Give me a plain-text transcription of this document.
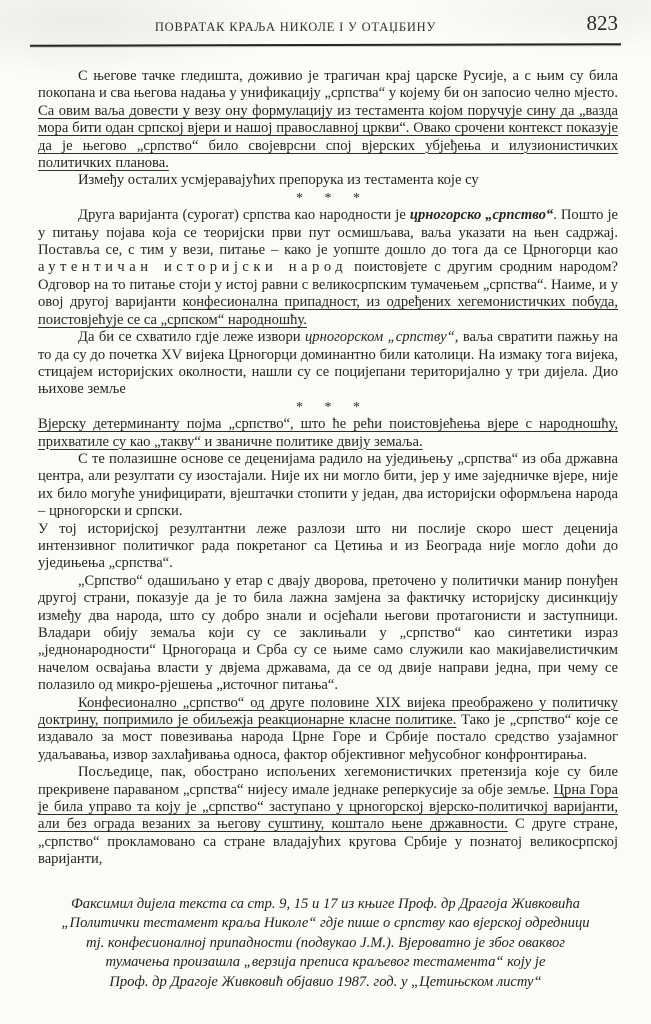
ПОВРАТАК КРАЉА НИКОЛЕ I У ОТАЏБИНУ	823

С његове тачке гледишта, доживио је трагичан крај царске Русије, а с њим су била покопана и сва његова надања у унификацију „српства“ у којему би он запосио челно мјесто. Са овим ваља довести у везу ону формулацију из тестамента којом поручује сину да „вазда мора бити одан српској вјери и нашој православној цркви“. Овако срочени контекст показује да је његово „српство“ било својеврсни спој вјерских убјеђења и илузионистичких политичких планова.

Између осталих усмјеравајућих препорука из тестамента које су

* * *

Друга варијанта (сурогат) српства као народности је црногорско „српство“. Пошто је у питању појава која се теоријски први пут осмишљава, ваља указати на њен садржај. Поставља се, с тим у вези, питање – како је уопште дошло до тога да се Црногорци као аутентичан историјски народ поистовјете с другим сродним народом? Одговор на то питање стоји у истој равни с великосрпским тумачењем „српства“. Наиме, и у овој другој варијанти конфесионална припадност, из одређених хегемонистичких побуда, поистовјећује се са „српском“ народношћу.

Да би се схватило гдје леже извори црногорском „српству“, ваља свратити пажњу на то да су до почетка XV вијека Црногорци доминантно били католици. На измаку тога вијека, стицајем историјских околности, нашли су се поцијепани територијално у три дијела. Дио њихове земље

* * *

Вјерску детерминанту појма „српство“, што ће рећи поистовјећења вјере с народношћу, прихватиле су као „такву“ и званичне политике двију земаља.

С те полазишне основе се деценијама радило на уједињењу „српства“ из оба државна центра, али резултати су изостајали. Није их ни могло бити, јер у име заједничке вјере, није их било могуће унифицирати, вјештачки стопити у један, два историјски оформљена народа – црногорски и српски.

У тој историјској резултантни леже разлози што ни послије скоро шест деценија интензивног политичког рада покретаног са Цетиња и из Београда није могло доћи до уједињења „српства“.

„Српство“ одашиљано у етар с двају дворова, преточено у политички манир понуђен другој страни, показује да је то била лажна замјена за фактичку историјску дисинкцију између два народа, што су добро знали и осјећали његови протагонисти и заступници. Владари обију земаља који су се заклињали у „српство“ као синтетики израз „једнонародности“ Црногораца и Срба су се њиме само служили као макијавелистичким начелом освајања власти у двјема државама, да се од двије направи једна, при чему се полазило од микро-рјешења „источног питања“.

Конфесионално „српство“ од друге половине XIX вијека преображено у политичку доктрину, попримило је обиљежја реакционарне класне политике. Тако је „српство“ које се издавало за мост повезивања народа Црне Горе и Србије постало средство узајамног удаљавања, извор захлађивања односа, фактор објективног међусобног конфронтирања.

Посљедице, пак, обострано испољених хегемонистичких претензија које су биле прекривене параваном „српства“ нијесу имале једнаке реперкусије за обје земље. Црна Гора је била управо та коју је „српство“ заступано у црногорској вјерско-политичкој варијанти, али без ограда везаних за његову суштину, коштало њене државности. С друге стране, „српство“ прокламовано са стране владајућих кругова Србије у познатој великосрпској варијанти,

Факсимил дијела текста са стр. 9, 15 и 17 из књиге Проф. др Драгоја Живковића
„Политички тестамент краља Николе“ гдје пише о српству као вјерској одредници
тј. конфесионалној припадности (подвукао Ј.М.). Вјероватно је због оваквог
тумачења произашла „верзија преписа краљевог тестамента“ коју је
Проф. др Драгоје Живковић објавио 1987. год. у „Цетињском листу“
